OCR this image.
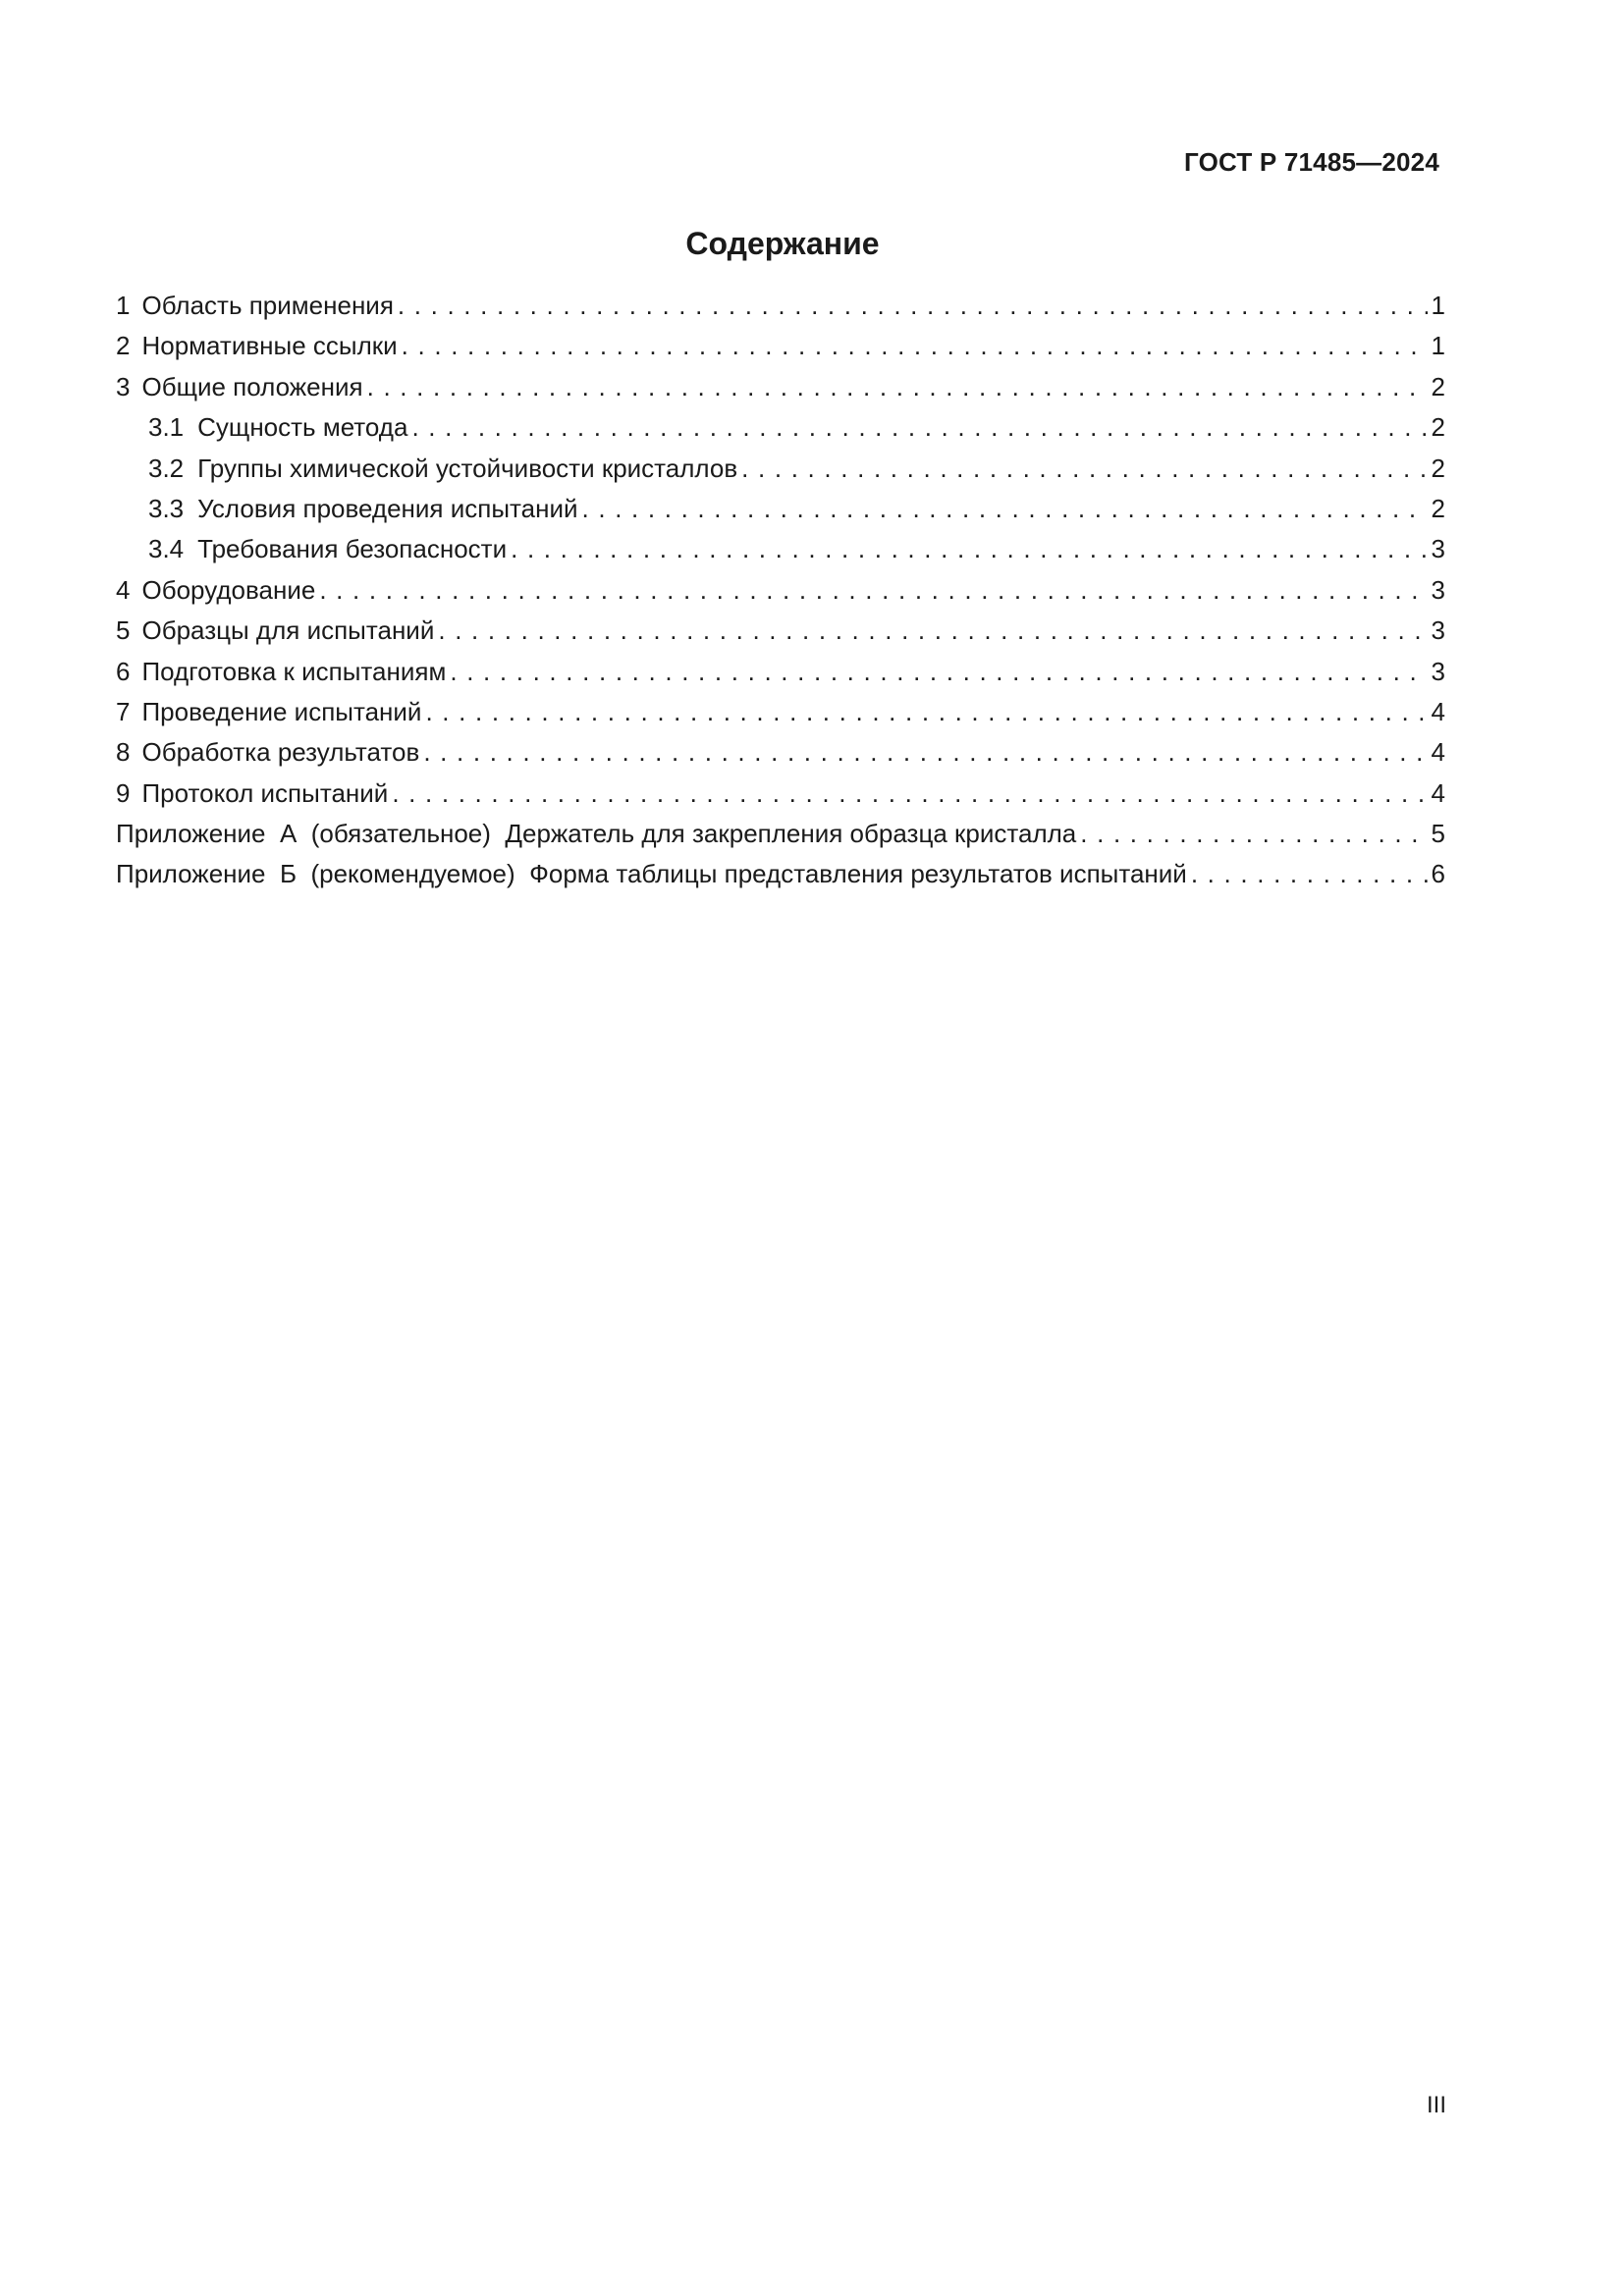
ГОСТ Р 71485—2024
Содержание
1 Область применения . . .	1
2 Нормативные ссылки . . .	1
3 Общие положения . . .	2
3.1 Сущность метода . . .	2
3.2 Группы химической устойчивости кристаллов . . .	2
3.3 Условия проведения испытаний . . .	2
3.4 Требования безопасности . . .	3
4 Оборудование . . .	3
5 Образцы для испытаний . . .	3
6 Подготовка к испытаниям . . .	3
7 Проведение испытаний . . .	4
8 Обработка результатов . . .	4
9 Протокол испытаний . . .	4
Приложение  А  (обязательное)  Держатель для закрепления образца кристалла . . .	5
Приложение  Б  (рекомендуемое)  Форма таблицы представления результатов испытаний . . .	6
III
